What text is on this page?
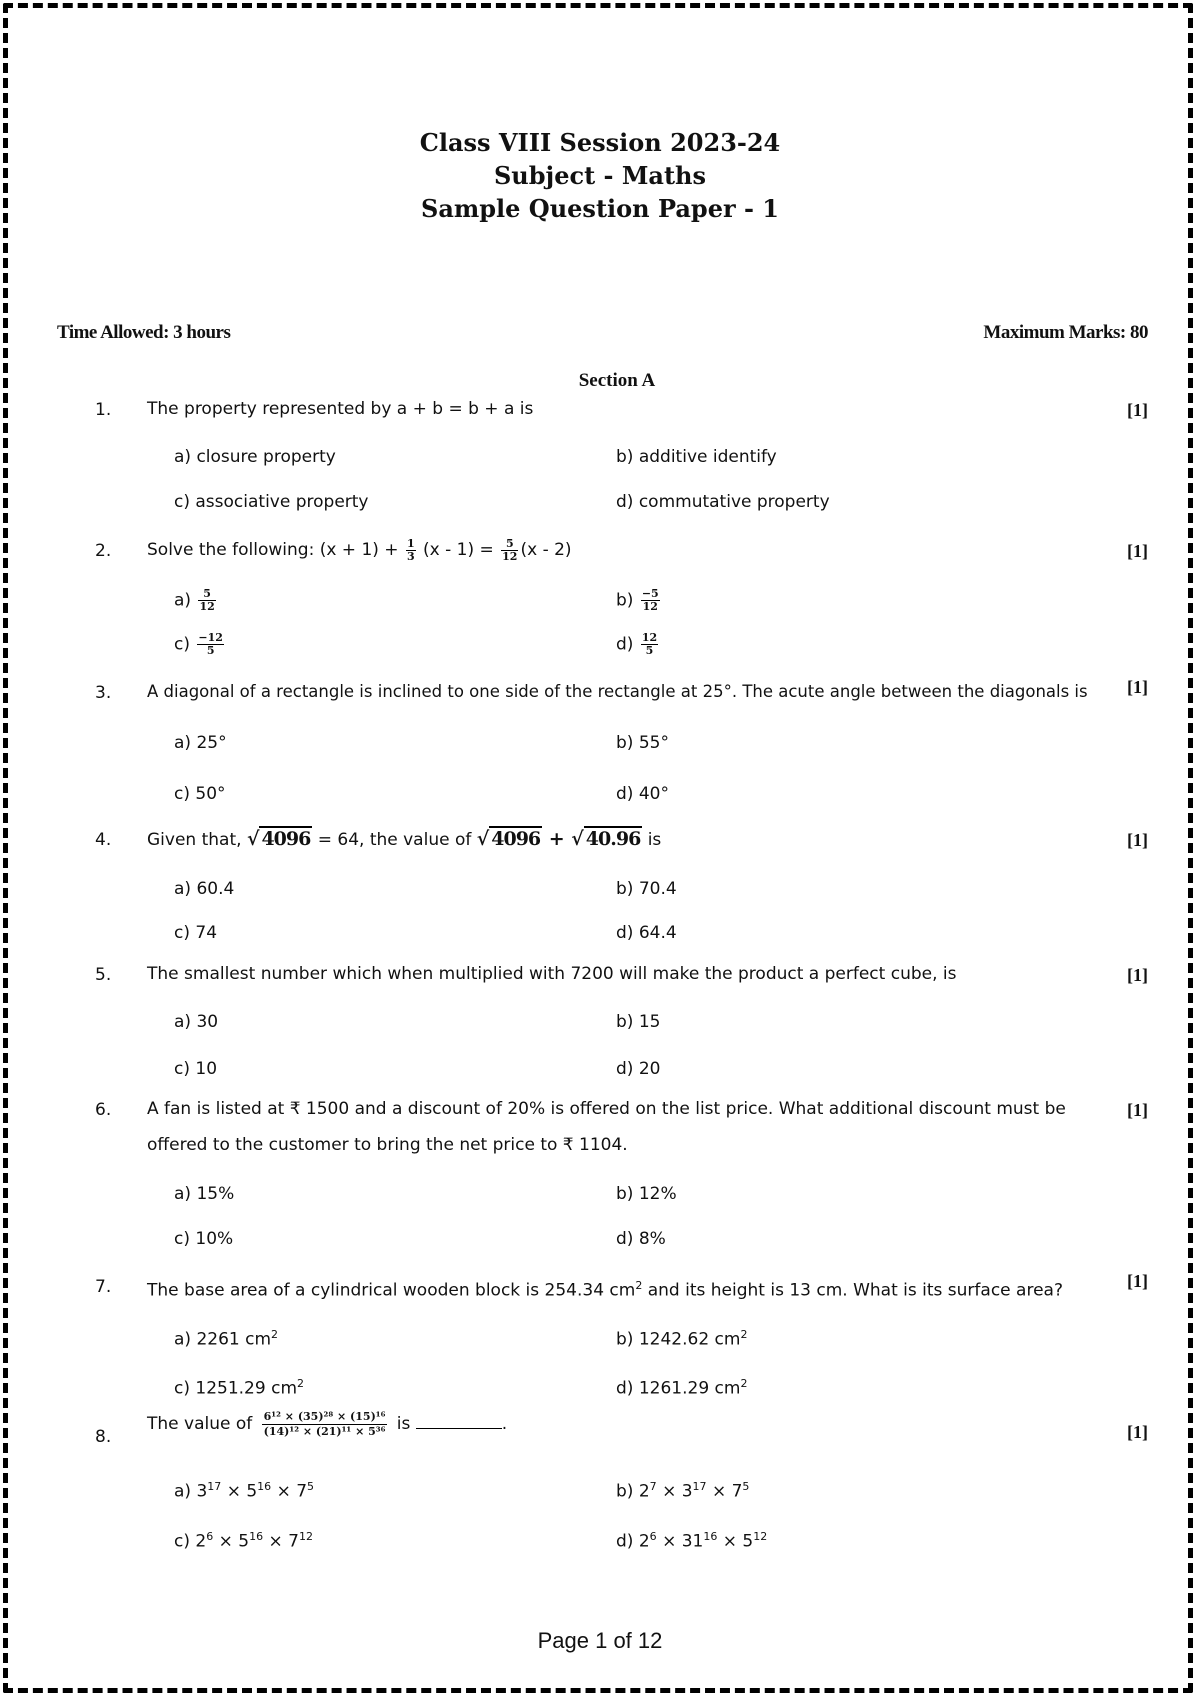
Class VIII Session 2023-24
Subject - Maths
Sample Question Paper - 1
Time Allowed: 3 hours	Maximum Marks: 80
Section A
1. The property represented by a + b = b + a is	[1]
a) closure property	b) additive identify
c) associative property	d) commutative property
2. Solve the following: $(x + 1) + \frac{1}{3} (x - 1) = \frac{5}{12} (x - 2)$	[1]
$a) \frac{5}{12}$	$b) \frac{-5}{12}$
$c) \frac{-12}{5}$	$d) \frac{12}{5}$
3. A diagonal of a rectangle is inclined to one side of the rectangle at 25°. The acute angle between the diagonals is	[1]
a) 25°	b) 55°
c) 50°	d) 40°
4. Given that, √ 4096 = 64, the value of √ 4096 + √ 40.96 is	[1]
a) 60.4	b) 70.4
c) 74	d) 64.4
5. The smallest number which when multiplied with 7200 will make the product a perfect cube, is	[1]
a) 30	b) 15
c) 10	d) 20
6. A fan is listed at ₹ 1500 and a discount of 20% is offered on the list price. What additional discount must be offered to the customer to bring the net price to ₹ 1104.
[1]
a) 15%	b) 12%
c) 10%	d) 8%
7. The base area of a cylindrical wooden block is 254.34 $cm^2$ and its height is 13 cm. What is its surface area?	[1]
a) 2261 $cm^2$	b) 1242.62 $cm^2$
c) 1251.29 $cm^2$	d) 1261.29 $cm^2$
8.
The value of $\frac{\text{6¹² × (35)²⁸ × (15)¹⁶}}{\text{(14)¹² × (21)¹¹ × 5³⁶}}$ is	.	[1]
a) $3^{17} \times 5^{16} \times 7^5$	b) $2^7 \times 3^{17} \times 7^5$
c) $2^6 \times 5^{16} \times 7^{12}$	d) $2^6 \times 31^{16} \times 5^{12}$
Page 1 of 12
